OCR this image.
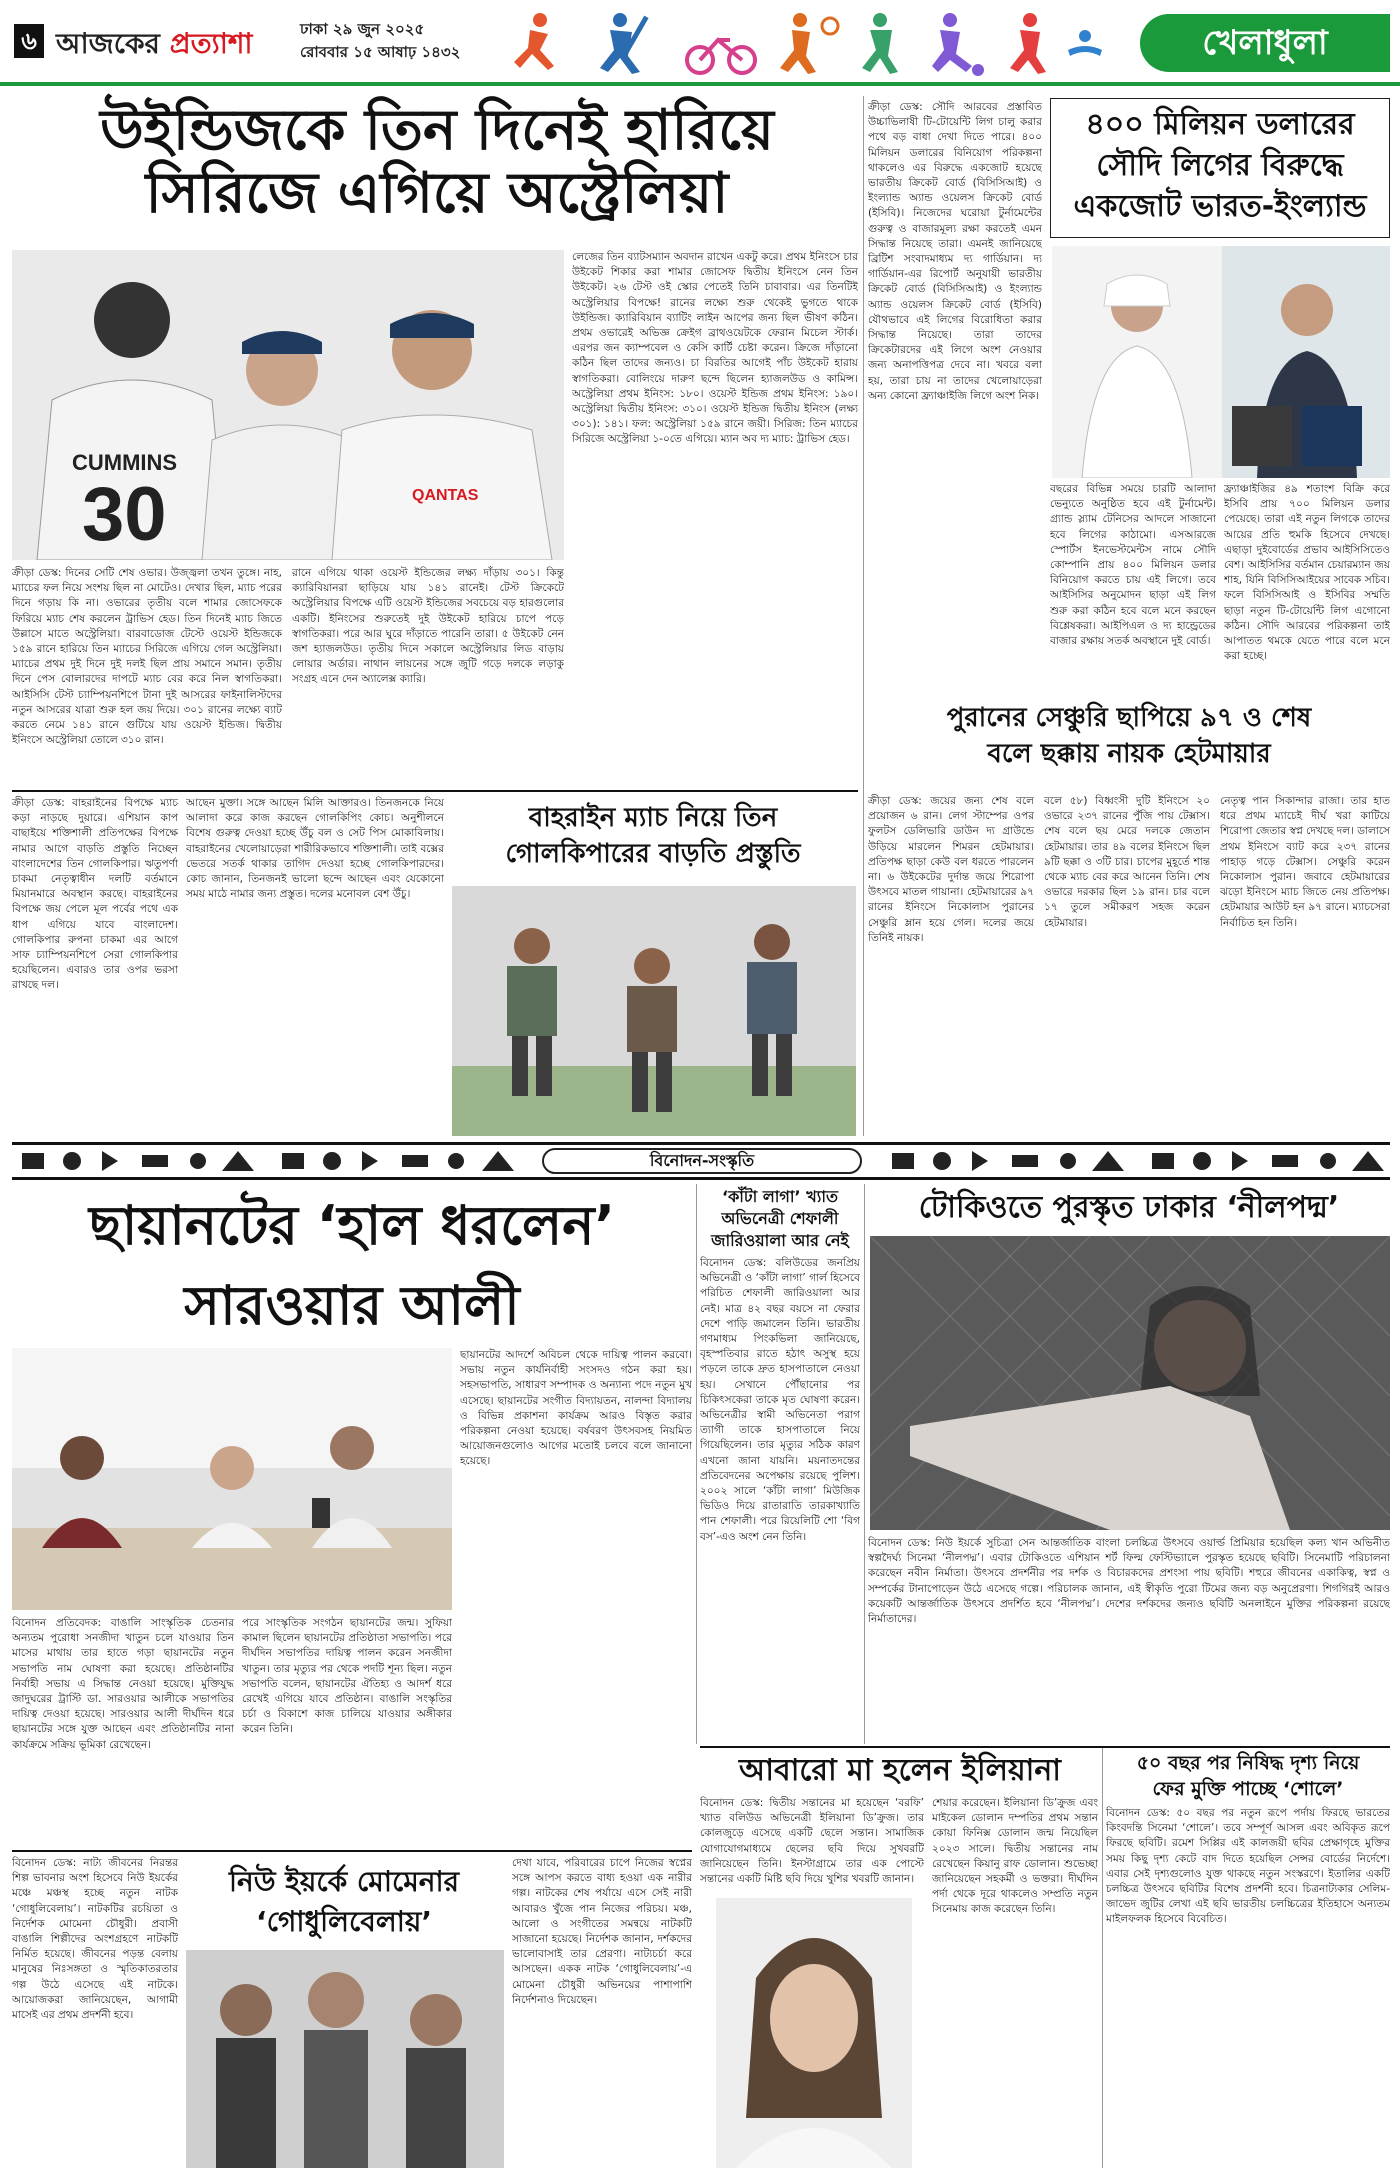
৬ আজকের প্রত্যাশা	ঢাকা ২৯ জুন ২০২৫
রোববার ১৫ আষাঢ় ১৪৩২	খেলাধুলা
উইন্ডিজকে তিন দিনেই হারিয়ে
সিরিজে এগিয়ে অস্ট্রেলিয়া
CUMMINS
30	QANTAS
ক্রীড়া ডেস্ক: দিনের সেটি শেষ ওভার। উজ্জ্বলা তখন তুঙ্গে। নাহ, ম্যাচের ফল নিয়ে সংশয় ছিল না মোটেও। দেখার ছিল, ম্যাচ পরের দিনে গড়ায় কি না। ওভারের তৃতীয় বলে শামার জোসেফকে ফিরিয়ে ম্যাচ শেষ করলেন ট্রাভিস হেড। তিন দিনেই ম্যাচ জিতে উল্লাসে মাতে অস্ট্রেলিয়া। বারবাডোজ টেস্টে ওয়েস্ট ইন্ডিজকে ১৫৯ রানে হারিয়ে তিন ম্যাচের সিরিজে এগিয়ে গেল অস্ট্রেলিয়া। ম্যাচের প্রথম দুই দিনে দুই দলই ছিল প্রায় সমানে সমান। তৃতীয় দিনে পেস বোলারদের দাপটে ম্যাচ বের করে নিল স্বাগতিকরা। আইসিসি টেস্ট চ্যাম্পিয়নশিপে টানা দুই আসরের ফাইনালিস্টদের নতুন আসরের যাত্রা শুরু হল জয় দিয়ে। ৩০১ রানের লক্ষ্যে ব্যাট করতে নেমে ১৪১ রানে গুটিয়ে যায় ওয়েস্ট ইন্ডিজ। দ্বিতীয় ইনিংসে অস্ট্রেলিয়া তোলে ৩১০ রান।
রানে এগিয়ে থাকা ওয়েস্ট ইন্ডিজের লক্ষ্য দাঁড়ায় ৩০১। কিন্তু ক্যারিবিয়ানরা ছাড়িয়ে যায় ১৪১ রানেই। টেস্ট ক্রিকেটে অস্ট্রেলিয়ার বিপক্ষে এটি ওয়েস্ট ইন্ডিজের সবচেয়ে বড় হারগুলোর একটি। ইনিংসের শুরুতেই দুই উইকেট হারিয়ে চাপে পড়ে স্বাগতিকরা। পরে আর ঘুরে দাঁড়াতে পারেনি তারা। ৫ উইকেট নেন জশ হ্যাজলউড। তৃতীয় দিনে সকালে অস্ট্রেলিয়ার লিড বাড়ায় লোয়ার অর্ডার। নাথান লায়নের সঙ্গে জুটি গড়ে দলকে লড়াকু সংগ্রহ এনে দেন অ্যালেক্স ক্যারি।
লেজের তিন ব্যাটসম্যান অবদান রাখেন একটু করে। প্রথম ইনিংসে চার উইকেট শিকার করা শামার জোসেফ দ্বিতীয় ইনিংসে নেন তিন উইকেট। ২৬ টেস্ট ওই স্কোর পেতেই তিনি চাবাবার। এর তিনটিই অস্ট্রেলিয়ার বিপক্ষে! রানের লক্ষ্যে শুরু থেকেই ভুগতে থাকে উইন্ডিজ। ক্যারিবিয়ান ব্যাটিং লাইন আপের জন্য ছিল ভীষণ কঠিন। প্রথম ওভারেই অভিজ্ঞ ক্রেইগ ব্রাথওয়েটকে ফেরান মিচেল স্টার্ক। এরপর জন ক্যাম্পবেল ও কেসি কার্টি চেষ্টা করেন। ক্রিজে দাঁড়ানো কঠিন ছিল তাদের জন্যও। চা বিরতির আগেই পাঁচ উইকেট হারায় স্বাগতিকরা। বোলিংয়ে দারুণ ছন্দে ছিলেন হ্যাজলউড ও কামিন্স। অস্ট্রেলিয়া প্রথম ইনিংস: ১৮০। ওয়েস্ট ইন্ডিজ প্রথম ইনিংস: ১৯০। অস্ট্রেলিয়া দ্বিতীয় ইনিংস: ৩১০। ওয়েস্ট ইন্ডিজ দ্বিতীয় ইনিংস (লক্ষ্য ৩০১): ১৪১। ফল: অস্ট্রেলিয়া ১৫৯ রানে জয়ী। সিরিজ: তিন ম্যাচের সিরিজে অস্ট্রেলিয়া ১-০তে এগিয়ে। ম্যান অব দ্য ম্যাচ: ট্রাভিস হেড।
ক্রীড়া ডেস্ক: সৌদি আরবের প্রস্তাবিত উচ্চাভিলাষী টি-টোয়েন্টি লিগ চালু করার পথে বড় বাধা দেখা দিতে পারে। ৪০০ মিলিয়ন ডলারের বিনিয়োগ পরিকল্পনা থাকলেও এর বিরুদ্ধে একজোট হয়েছে ভারতীয় ক্রিকেট বোর্ড (বিসিসিআই) ও ইংল্যান্ড অ্যান্ড ওয়েলস ক্রিকেট বোর্ড (ইসিবি)। নিজেদের ঘরোয়া টুর্নামেন্টের গুরুত্ব ও বাজারমূল্য রক্ষা করতেই এমন সিদ্ধান্ত নিয়েছে তারা। এমনই জানিয়েছে ব্রিটিশ সংবাদমাধ্যম দ্য গার্ডিয়ান। দ্য গার্ডিয়ান-এর রিপোর্ট অনুযায়ী ভারতীয় ক্রিকেট বোর্ড (বিসিসিআই) ও ইংল্যান্ড অ্যান্ড ওয়েলস ক্রিকেট বোর্ড (ইসিবি) যৌথভাবে এই লিগের বিরোধিতা করার সিদ্ধান্ত নিয়েছে। তারা তাদের ক্রিকেটারদের এই লিগে অংশ নেওয়ার জন্য অনাপত্তিপত্র দেবে না। খবরে বলা হয়, তারা চায় না তাদের খেলোয়াড়েরা অন্য কোনো ফ্র্যাঞ্চাইজি লিগে অংশ নিক।
৪০০ মিলিয়ন ডলারের
সৌদি লিগের বিরুদ্ধে
একজোট ভারত-ইংল্যান্ড
বছরের বিভিন্ন সময়ে চারটি আলাদা ভেন্যুতে অনুষ্ঠিত হবে এই টুর্নামেন্ট। গ্র্যান্ড স্ল্যাম টেনিসের আদলে সাজানো হবে লিগের কাঠামো। এসআরজে স্পোর্টস ইনভেস্টমেন্টস নামে সৌদি কোম্পানি প্রায় ৪০০ মিলিয়ন ডলার বিনিয়োগ করতে চায় এই লিগে। তবে আইসিসির অনুমোদন ছাড়া এই লিগ শুরু করা কঠিন হবে বলে মনে করছেন বিশ্লেষকরা। আইপিএল ও দ্য হান্ড্রেডের বাজার রক্ষায় সতর্ক অবস্থানে দুই বোর্ড।
ফ্র্যাঞ্চাইজির ৪৯ শতাংশ বিক্রি করে ইসিবি প্রায় ৭০০ মিলিয়ন ডলার পেয়েছে। তারা এই নতুন লিগকে তাদের আয়ের প্রতি হুমকি হিসেবে দেখছে। এছাড়া দুইবোর্ডের প্রভাব আইসিসিতেও বেশ। আইসিসির বর্তমান চেয়ারম্যান জয় শাহ, যিনি বিসিসিআইয়ের সাবেক সচিব। ফলে বিসিসিআই ও ইসিবির সম্মতি ছাড়া নতুন টি-টোয়েন্টি লিগ এগোনো কঠিন। সৌদি আরবের পরিকল্পনা তাই আপাতত থমকে যেতে পারে বলে মনে করা হচ্ছে।
পুরানের সেঞ্চুরি ছাপিয়ে ৯৭ ও শেষ
বলে ছক্কায় নায়ক হেটমায়ার
ক্রীড়া ডেস্ক: বাহরাইনের বিপক্ষে ম্যাচ কড়া নাড়ছে দুয়ারে। এশিয়ান কাপ বাছাইয়ে শক্তিশালী প্রতিপক্ষের বিপক্ষে নামার আগে বাড়তি প্রস্তুতি নিচ্ছেন বাংলাদেশের তিন গোলকিপার। ঋতুপর্ণা চাকমা নেতৃত্বাধীন দলটি বর্তমানে মিয়ানমারে অবস্থান করছে। বাহরাইনের বিপক্ষে জয় পেলে মূল পর্বের পথে এক ধাপ এগিয়ে যাবে বাংলাদেশ। গোলকিপার রুপনা চাকমা এর আগে সাফ চ্যাম্পিয়নশিপে সেরা গোলকিপার হয়েছিলেন। এবারও তার ওপর ভরসা রাখছে দল।
আছেন মুক্তা। সঙ্গে আছেন মিলি আক্তারও। তিনজনকে নিয়ে আলাদা করে কাজ করছেন গোলকিপিং কোচ। অনুশীলনে বিশেষ গুরুত্ব দেওয়া হচ্ছে উঁচু বল ও সেট পিস মোকাবিলায়। বাহরাইনের খেলোয়াড়েরা শারীরিকভাবে শক্তিশালী। তাই বক্সের ভেতরে সতর্ক থাকার তাগিদ দেওয়া হচ্ছে গোলকিপারদের। কোচ জানান, তিনজনই ভালো ছন্দে আছেন এবং যেকোনো সময় মাঠে নামার জন্য প্রস্তুত। দলের মনোবল বেশ উঁচু।
বাহরাইন ম্যাচ নিয়ে তিন
গোলকিপারের বাড়তি প্রস্তুতি
ক্রীড়া ডেস্ক: জয়ের জন্য শেষ বলে প্রয়োজন ৬ রান। লেগ স্টাম্পের ওপর ফুলটস ডেলিভারি ডাউন দ্য গ্রাউন্ডে উড়িয়ে মারলেন শিমরন হেটমায়ার। প্রতিপক্ষ ছাড়া কেউ বল ধরতে পারলেন না। ৬ উইকেটের দুর্দান্ত জয়ে শিরোপা উৎসবে মাতল গায়ানা। হেটমায়ারের ৯৭ রানের ইনিংসে নিকোলাস পুরানের সেঞ্চুরি ম্লান হয়ে গেল। দলের জয়ে তিনিই নায়ক।
বলে ৫৮) বিধ্বংসী দুটি ইনিংসে ২০ ওভারে ২৩৭ রানের পুঁজি পায় টেক্সাস। শেষ বলে ছয় মেরে দলকে জেতান হেটমায়ার। তার ৪৯ বলের ইনিংসে ছিল ৯টি ছক্কা ও ৩টি চার। চাপের মুহূর্তে শান্ত থেকে ম্যাচ বের করে আনেন তিনি। শেষ ওভারে দরকার ছিল ১৯ রান। চার বলে ১৭ তুলে সমীকরণ সহজ করেন হেটমায়ার।
নেতৃত্ব পান সিকান্দার রাজা। তার হাত ধরে প্রথম ম্যাচেই দীর্ঘ খরা কাটিয়ে শিরোপা জেতার স্বপ্ন দেখছে দল। ডালাসে প্রথম ইনিংসে ব্যাট করে ২৩৭ রানের পাহাড় গড়ে টেক্সাস। সেঞ্চুরি করেন নিকোলাস পুরান। জবাবে হেটমায়ারের ঝড়ো ইনিংসে ম্যাচ জিতে নেয় প্রতিপক্ষ। হেটমায়ার আউট হন ৯৭ রানে। ম্যাচসেরা নির্বাচিত হন তিনি।
বিনোদন-সংস্কৃতি
ছায়ানটের ‘হাল ধরলেন’
সারওয়ার আলী
বিনোদন প্রতিবেদক: বাঙালি সাংস্কৃতিক চেতনার অন্যতম পুরোধা সনজীদা খাতুন চলে যাওয়ার তিন মাসের মাথায় তার হাতে গড়া ছায়ানটের নতুন সভাপতি নাম ঘোষণা করা হয়েছে। প্রতিষ্ঠানটির নির্বাহী সভায় এ সিদ্ধান্ত নেওয়া হয়েছে। মুক্তিযুদ্ধ জাদুঘরের ট্রাস্টি ডা. সারওয়ার আলীকে সভাপতির দায়িত্ব দেওয়া হয়েছে। সারওয়ার আলী দীর্ঘদিন ধরে ছায়ানটের সঙ্গে যুক্ত আছেন এবং প্রতিষ্ঠানটির নানা কার্যক্রমে সক্রিয় ভূমিকা রেখেছেন।
পরে সাংস্কৃতিক সংগঠন ছায়ানটের জন্ম। সুফিয়া কামাল ছিলেন ছায়ানটের প্রতিষ্ঠাতা সভাপতি। পরে দীর্ঘদিন সভাপতির দায়িত্ব পালন করেন সনজীদা খাতুন। তার মৃত্যুর পর থেকে পদটি শূন্য ছিল। নতুন সভাপতি বলেন, ছায়ানটের ঐতিহ্য ও আদর্শ ধরে রেখেই এগিয়ে যাবে প্রতিষ্ঠান। বাঙালি সংস্কৃতির চর্চা ও বিকাশে কাজ চালিয়ে যাওয়ার অঙ্গীকার করেন তিনি।
ছায়ানটের আদর্শে অবিচল থেকে দায়িত্ব পালন করবো। সভায় নতুন কার্যনির্বাহী সংসদও গঠন করা হয়। সহসভাপতি, সাধারণ সম্পাদক ও অন্যান্য পদে নতুন মুখ এসেছে। ছায়ানটের সংগীত বিদ্যায়তন, নালন্দা বিদ্যালয় ও বিভিন্ন প্রকাশনা কার্যক্রম আরও বিস্তৃত করার পরিকল্পনা নেওয়া হয়েছে। বর্ষবরণ উৎসবসহ নিয়মিত আয়োজনগুলোও আগের মতোই চলবে বলে জানানো হয়েছে।
‘কাঁটা লাগা’ খ্যাত
অভিনেত্রী শেফালী
জারিওয়ালা আর নেই
বিনোদন ডেস্ক: বলিউডের জনপ্রিয় অভিনেত্রী ও ‘কাঁটা লাগা’ গার্ল হিসেবে পরিচিত শেফালী জারিওয়ালা আর নেই। মাত্র ৪২ বছর বয়সে না ফেরার দেশে পাড়ি জমালেন তিনি। ভারতীয় গণমাধ্যম পিংকভিলা জানিয়েছে, বৃহস্পতিবার রাতে হঠাৎ অসুস্থ হয়ে পড়লে তাকে দ্রুত হাসপাতালে নেওয়া হয়। সেখানে পৌঁছানোর পর চিকিৎসকেরা তাকে মৃত ঘোষণা করেন। অভিনেত্রীর স্বামী অভিনেতা পরাগ ত্যাগী তাকে হাসপাতালে নিয়ে গিয়েছিলেন। তার মৃত্যুর সঠিক কারণ এখনো জানা যায়নি। ময়নাতদন্তের প্রতিবেদনের অপেক্ষায় রয়েছে পুলিশ। ২০০২ সালে ‘কাঁটা লাগা’ মিউজিক ভিডিও দিয়ে রাতারাতি তারকাখ্যাতি পান শেফালী। পরে রিয়েলিটি শো ‘বিগ বস’-এও অংশ নেন তিনি।
টোকিওতে পুরস্কৃত ঢাকার ‘নীলপদ্ম’
বিনোদন ডেস্ক: নিউ ইয়র্কে সুচিত্রা সেন আন্তর্জাতিক বাংলা চলচ্চিত্র উৎসবে ওয়ার্ল্ড প্রিমিয়ার হয়েছিল কল্য খান অভিনীত স্বল্পদৈর্ঘ্য সিনেমা ‘নীলপদ্ম’। এবার টোকিওতে এশিয়ান শর্ট ফিল্ম ফেস্টিভ্যালে পুরস্কৃত হয়েছে ছবিটি। সিনেমাটি পরিচালনা করেছেন নবীন নির্মাতা। উৎসবে প্রদর্শনীর পর দর্শক ও বিচারকদের প্রশংসা পায় ছবিটি। শহুরে জীবনের একাকিত্ব, স্বপ্ন ও সম্পর্কের টানাপোড়েন উঠে এসেছে গল্পে। পরিচালক জানান, এই স্বীকৃতি পুরো টিমের জন্য বড় অনুপ্রেরণা। শিগগিরই আরও কয়েকটি আন্তর্জাতিক উৎসবে প্রদর্শিত হবে ‘নীলপদ্ম’। দেশের দর্শকদের জন্যও ছবিটি অনলাইনে মুক্তির পরিকল্পনা রয়েছে নির্মাতাদের।
আবারো মা হলেন ইলিয়ানা
বিনোদন ডেস্ক: দ্বিতীয় সন্তানের মা হয়েছেন ‘বরফি’ খ্যাত বলিউড অভিনেত্রী ইলিয়ানা ডি’ক্রুজ। তার কোলজুড়ে এসেছে একটি ছেলে সন্তান। সামাজিক যোগাযোগমাধ্যমে ছেলের ছবি দিয়ে সুখবরটি জানিয়েছেন তিনি। ইনস্টাগ্রামে তার এক পোস্টে সন্তানের একটি মিষ্টি ছবি দিয়ে খুশির খবরটি জানান।
শেয়ার করেছেন। ইলিয়ানা ডি’ক্রুজ এবং মাইকেল ডোলান দম্পতির প্রথম সন্তান কোয়া ফিনিক্স ডোলান জন্ম নিয়েছিল ২০২৩ সালে। দ্বিতীয় সন্তানের নাম রেখেছেন কিয়ানু রাফ ডোলান। শুভেচ্ছা জানিয়েছেন সহকর্মী ও ভক্তরা। দীর্ঘদিন পর্দা থেকে দূরে থাকলেও সম্প্রতি নতুন সিনেমায় কাজ করেছেন তিনি।
৫০ বছর পর নিষিদ্ধ দৃশ্য নিয়ে
ফের মুক্তি পাচ্ছে ‘শোলে’
বিনোদন ডেস্ক: ৫০ বছর পর নতুন রূপে পর্দায় ফিরছে ভারতের কিংবদন্তি সিনেমা ‘শোলে’। তবে সম্পূর্ণ আসল এবং অবিকৃত রূপে ফিরছে ছবিটি। রমেশ সিপ্পির এই কালজয়ী ছবির প্রেক্ষাগৃহে মুক্তির সময় কিছু দৃশ্য কেটে বাদ দিতে হয়েছিল সেন্সর বোর্ডের নির্দেশে। এবার সেই দৃশ্যগুলোও যুক্ত থাকছে নতুন সংস্করণে। ইতালির একটি চলচ্চিত্র উৎসবে ছবিটির বিশেষ প্রদর্শনী হবে। চিত্রনাট্যকার সেলিম-জাভেদ জুটির লেখা এই ছবি ভারতীয় চলচ্চিত্রের ইতিহাসে অন্যতম মাইলফলক হিসেবে বিবেচিত।
বিনোদন ডেস্ক: নাট্য জীবনের নিরন্তর শিল্প ভাবনার অংশ হিসেবে নিউ ইয়র্কের মঞ্চে মঞ্চস্থ হচ্ছে নতুন নাটক ‘গোধুলিবেলায়’। নাটকটির রচয়িতা ও নির্দেশক মোমেনা চৌধুরী। প্রবাসী বাঙালি শিল্পীদের অংশগ্রহণে নাটকটি নির্মিত হয়েছে। জীবনের পড়ন্ত বেলায় মানুষের নিঃসঙ্গতা ও স্মৃতিকাতরতার গল্প উঠে এসেছে এই নাটকে। আয়োজকরা জানিয়েছেন, আগামী মাসেই এর প্রথম প্রদর্শনী হবে।
নিউ ইয়র্কে মোমেনার
‘গোধুলিবেলায়’
দেখা যাবে, পরিবারের চাপে নিজের স্বপ্নের সঙ্গে আপস করতে বাধ্য হওয়া এক নারীর গল্প। নাটকের শেষ পর্যায়ে এসে সেই নারী আবারও খুঁজে পান নিজের পরিচয়। মঞ্চ, আলো ও সংগীতের সমন্বয়ে নাটকটি সাজানো হয়েছে। নির্দেশক জানান, দর্শকদের ভালোবাসাই তার প্রেরণা। নাট্যচর্চা করে আসছেন। একক নাটক ‘গোধুলিবেলায়’-এ মোমেনা চৌধুরী অভিনয়ের পাশাপাশি নির্দেশনাও দিয়েছেন।
